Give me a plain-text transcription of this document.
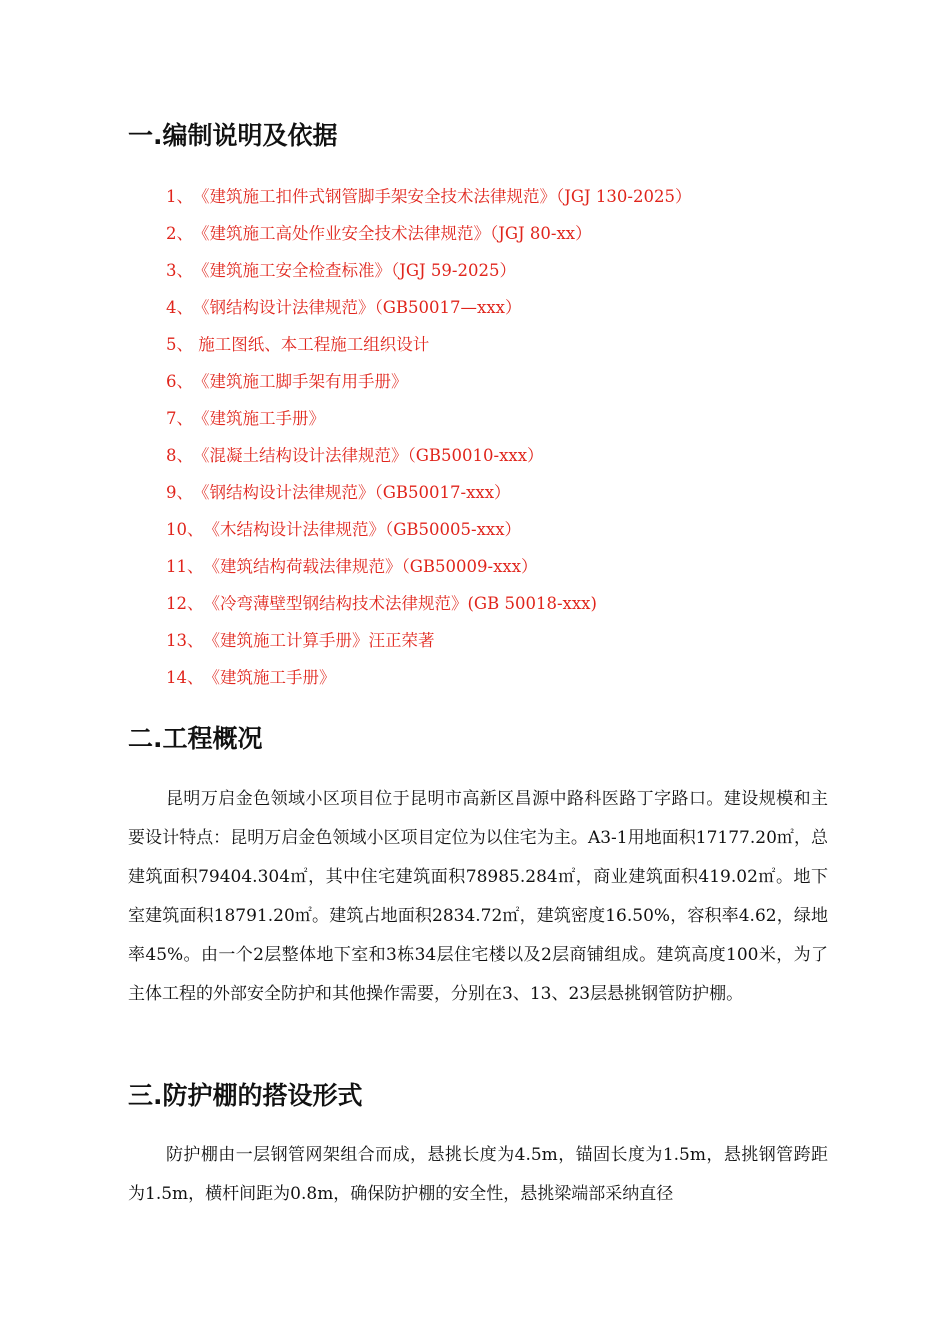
一.编制说明及依据
1、《建筑施工扣件式钢管脚手架安全技术法律规范》（JGJ 130-2025）
2、《建筑施工高处作业安全技术法律规范》（JGJ 80-xx）
3、《建筑施工安全检查标准》（JGJ 59-2025）
4、《钢结构设计法律规范》（GB50017—xxx）
5、 施工图纸、本工程施工组织设计
6、《建筑施工脚手架有用手册》
7、《建筑施工手册》
8、《混凝土结构设计法律规范》（GB50010-xxx）
9、《钢结构设计法律规范》（GB50017-xxx）
10、《木结构设计法律规范》（GB50005-xxx）
11、《建筑结构荷载法律规范》（GB50009-xxx）
12、《冷弯薄壁型钢结构技术法律规范》(GB 50018-xxx)
13、《建筑施工计算手册》汪正荣著
14、《建筑施工手册》
二.工程概况

昆明万启金色领域小区项目位于昆明市高新区昌源中路科医路丁字路口。建设规模和主要设计特点：昆明万启金色领域小区项目定位为以住宅为主。A3-1用地面积17177.20㎡，总建筑面积79404.304㎡，其中住宅建筑面积78985.284㎡，商业建筑面积419.02㎡。地下室建筑面积18791.20㎡。建筑占地面积2834.72㎡，建筑密度16.50%，容积率4.62，绿地率45%。由一个2层整体地下室和3栋34层住宅楼以及2层商铺组成。建筑高度100米，为了主体工程的外部安全防护和其他操作需要，分别在3、13、23层悬挑钢管防护棚。

三.防护棚的搭设形式

防护棚由一层钢管网架组合而成，悬挑长度为4.5m，锚固长度为1.5m，悬挑钢管跨距为1.5m，横杆间距为0.8m，确保防护棚的安全性，悬挑梁端部采纳直径
